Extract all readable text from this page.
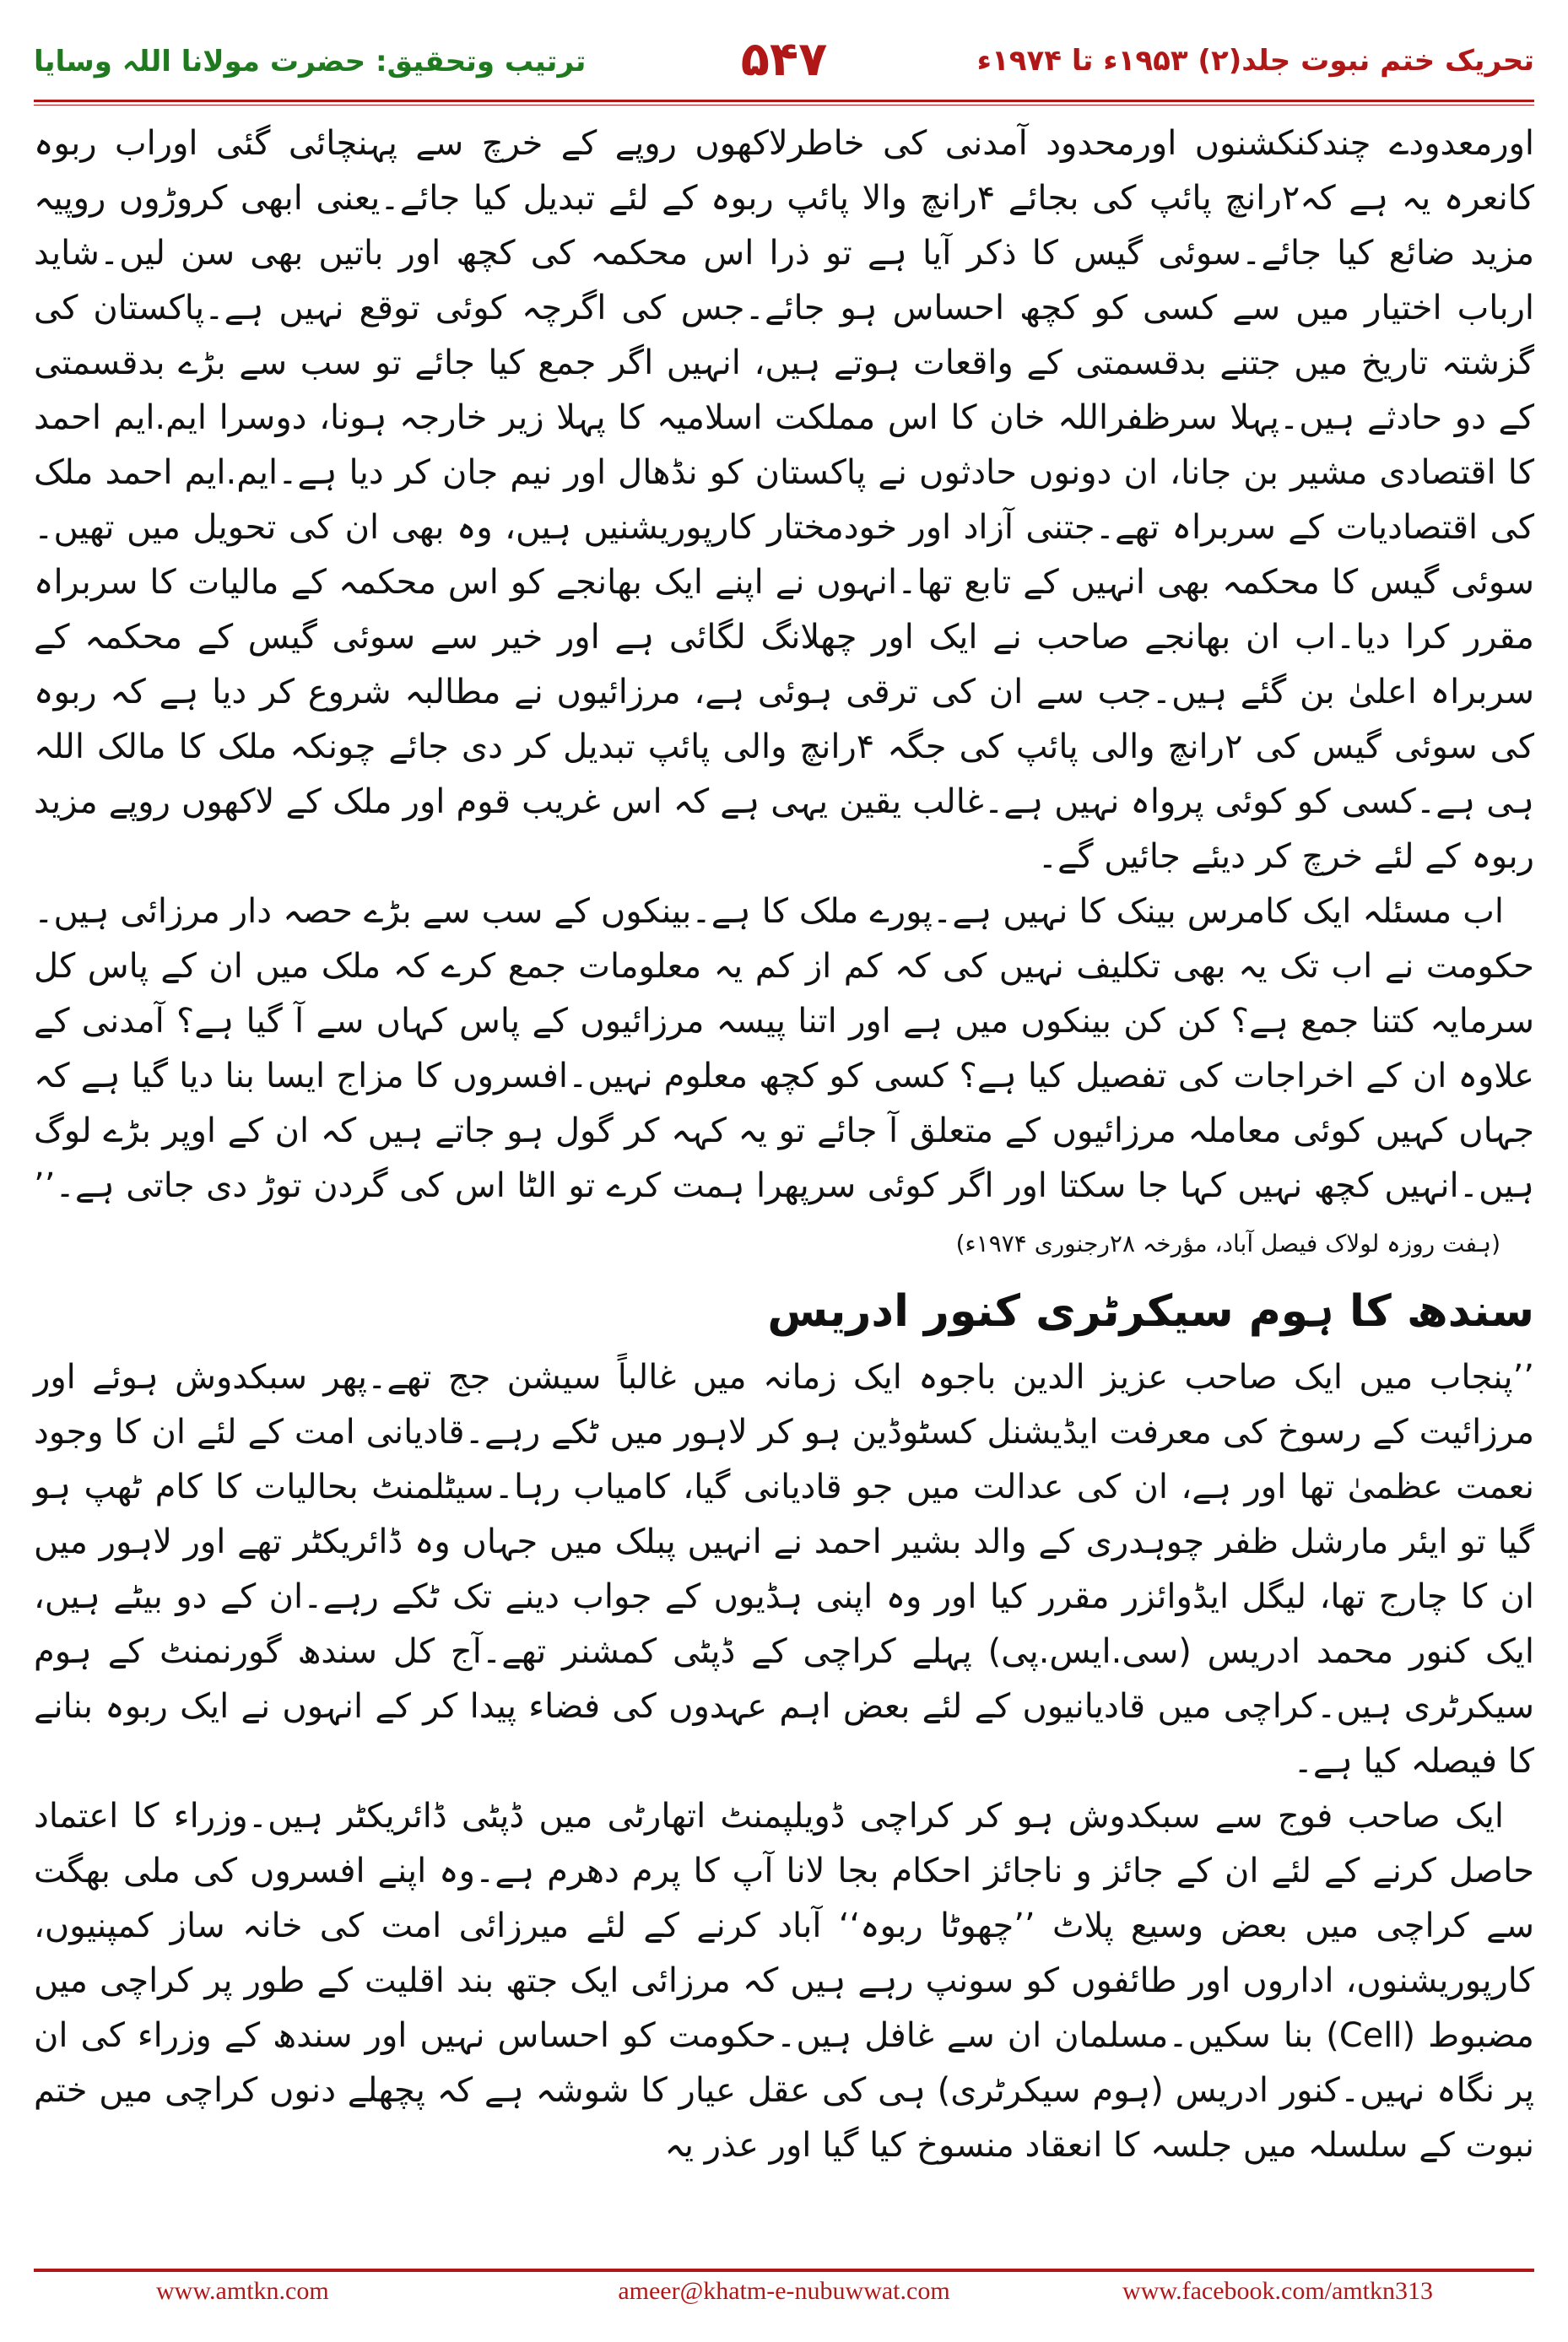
ترتیب وتحقیق: حضرت مولانا اللہ وسایا	۵۴۷	تحریک ختم نبوت جلد(۲) ۱۹۵۳ء تا ۱۹۷۴ء

اورمعدودے چندکنکشنوں اورمحدود آمدنی کی خاطرلاکھوں روپے کے خرچ سے پہنچائی گئی اوراب ربوہ کانعرہ یہ ہے کہ۲رانچ پائپ کی بجائے ۴رانچ والا پائپ ربوہ کے لئے تبدیل کیا جائے۔یعنی ابھی کروڑوں روپیہ مزید ضائع کیا جائے۔سوئی گیس کا ذکر آیا ہے تو ذرا اس محکمہ کی کچھ اور باتیں بھی سن لیں۔شاید ارباب اختیار میں سے کسی کو کچھ احساس ہو جائے۔جس کی اگرچہ کوئی توقع نہیں ہے۔پاکستان کی گزشتہ تاریخ میں جتنے بدقسمتی کے واقعات ہوتے ہیں، انہیں اگر جمع کیا جائے تو سب سے بڑے بدقسمتی کے دو حادثے ہیں۔پہلا سرظفراللہ خان کا اس مملکت اسلامیہ کا پہلا زیر خارجہ ہونا، دوسرا ایم.ایم احمد کا اقتصادی مشیر بن جانا، ان دونوں حادثوں نے پاکستان کو نڈھال اور نیم جان کر دیا ہے۔ایم.ایم احمد ملک کی اقتصادیات کے سربراہ تھے۔جتنی آزاد اور خودمختار کارپوریشنیں ہیں، وہ بھی ان کی تحویل میں تھیں۔سوئی گیس کا محکمہ بھی انہیں کے تابع تھا۔انہوں نے اپنے ایک بھانجے کو اس محکمہ کے مالیات کا سربراہ مقرر کرا دیا۔اب ان بھانجے صاحب نے ایک اور چھلانگ لگائی ہے اور خیر سے سوئی گیس کے محکمہ کے سربراہ اعلیٰ بن گئے ہیں۔جب سے ان کی ترقی ہوئی ہے، مرزائیوں نے مطالبہ شروع کر دیا ہے کہ ربوہ کی سوئی گیس کی ۲رانچ والی پائپ کی جگہ ۴رانچ والی پائپ تبدیل کر دی جائے چونکہ ملک کا مالک اللہ ہی ہے۔کسی کو کوئی پرواہ نہیں ہے۔غالب یقین یہی ہے کہ اس غریب قوم اور ملک کے لاکھوں روپے مزید ربوہ کے لئے خرچ کر دیئے جائیں گے۔

اب مسئلہ ایک کامرس بینک کا نہیں ہے۔پورے ملک کا ہے۔بینکوں کے سب سے بڑے حصہ دار مرزائی ہیں۔حکومت نے اب تک یہ بھی تکلیف نہیں کی کہ کم از کم یہ معلومات جمع کرے کہ ملک میں ان کے پاس کل سرمایہ کتنا جمع ہے؟ کن کن بینکوں میں ہے اور اتنا پیسہ مرزائیوں کے پاس کہاں سے آ گیا ہے؟ آمدنی کے علاوہ ان کے اخراجات کی تفصیل کیا ہے؟ کسی کو کچھ معلوم نہیں۔افسروں کا مزاج ایسا بنا دیا گیا ہے کہ جہاں کہیں کوئی معاملہ مرزائیوں کے متعلق آ جائے تو یہ کہہ کر گول ہو جاتے ہیں کہ ان کے اوپر بڑے لوگ ہیں۔انہیں کچھ نہیں کہا جا سکتا اور اگر کوئی سرپھرا ہمت کرے تو الٹا اس کی گردن توڑ دی جاتی ہے۔’’ (ہفت روزہ لولاک فیصل آباد، مؤرخہ ۲۸رجنوری ۱۹۷۴ء)

سندھ کا ہوم سیکرٹری کنور ادریس

’’پنجاب میں ایک صاحب عزیز الدین باجوہ ایک زمانہ میں غالباً سیشن جج تھے۔پھر سبکدوش ہوئے اور مرزائیت کے رسوخ کی معرفت ایڈیشنل کسٹوڈین ہو کر لاہور میں ٹکے رہے۔قادیانی امت کے لئے ان کا وجود نعمت عظمیٰ تھا اور ہے، ان کی عدالت میں جو قادیانی گیا، کامیاب رہا۔سیٹلمنٹ بحالیات کا کام ٹھپ ہو گیا تو ایئر مارشل ظفر چوہدری کے والد بشیر احمد نے انہیں پبلک میں جہاں وہ ڈائریکٹر تھے اور لاہور میں ان کا چارج تھا، لیگل ایڈوائزر مقرر کیا اور وہ اپنی ہڈیوں کے جواب دینے تک ٹکے رہے۔ان کے دو بیٹے ہیں، ایک کنور محمد ادریس (سی.ایس.پی) پہلے کراچی کے ڈپٹی کمشنر تھے۔آج کل سندھ گورنمنٹ کے ہوم سیکرٹری ہیں۔کراچی میں قادیانیوں کے لئے بعض اہم عہدوں کی فضاء پیدا کر کے انہوں نے ایک ربوہ بنانے کا فیصلہ کیا ہے۔

ایک صاحب فوج سے سبکدوش ہو کر کراچی ڈویلپمنٹ اتھارٹی میں ڈپٹی ڈائریکٹر ہیں۔وزراء کا اعتماد حاصل کرنے کے لئے ان کے جائز و ناجائز احکام بجا لانا آپ کا پرم دھرم ہے۔وہ اپنے افسروں کی ملی بھگت سے کراچی میں بعض وسیع پلاٹ ’’چھوٹا ربوہ‘‘ آباد کرنے کے لئے میرزائی امت کی خانہ ساز کمپنیوں، کارپوریشنوں، اداروں اور طائفوں کو سونپ رہے ہیں کہ مرزائی ایک جتھ بند اقلیت کے طور پر کراچی میں مضبوط (Cell) بنا سکیں۔مسلمان ان سے غافل ہیں۔حکومت کو احساس نہیں اور سندھ کے وزراء کی ان پر نگاہ نہیں۔کنور ادریس (ہوم سیکرٹری) ہی کی عقل عیار کا شوشہ ہے کہ پچھلے دنوں کراچی میں ختم نبوت کے سلسلہ میں جلسہ کا انعقاد منسوخ کیا گیا اور عذر یہ

www.amtkn.com	ameer@khatm-e-nubuwwat.com	www.facebook.com/amtkn313
